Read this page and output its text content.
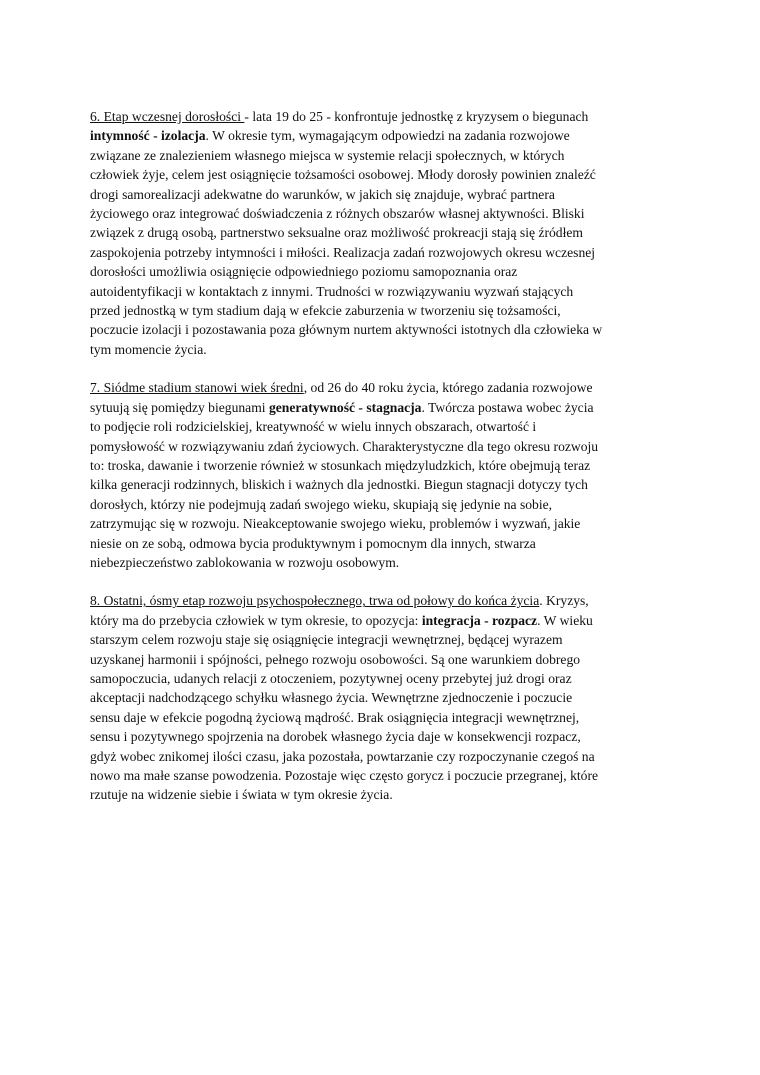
6. Etap wczesnej dorosłości - lata 19 do 25 - konfrontuje jednostkę z kryzysem o biegunach
intymność - izolacja. W okresie tym, wymagającym odpowiedzi na zadania rozwojowe
związane ze znalezieniem własnego miejsca w systemie relacji społecznych, w których
człowiek żyje, celem jest osiągnięcie tożsamości osobowej. Młody dorosły powinien znaleźć
drogi samorealizacji adekwatne do warunków, w jakich się znajduje, wybrać partnera
życiowego oraz integrować doświadczenia z różnych obszarów własnej aktywności. Bliski
związek z drugą osobą, partnerstwo seksualne oraz możliwość prokreacji stają się źródłem
zaspokojenia potrzeby intymności i miłości. Realizacja zadań rozwojowych okresu wczesnej
dorosłości umożliwia osiągnięcie odpowiedniego poziomu samopoznania oraz
autoidentyfikacji w kontaktach z innymi. Trudności w rozwiązywaniu wyzwań stających
przed jednostką w tym stadium dają w efekcie zaburzenia w tworzeniu się tożsamości,
poczucie izolacji i pozostawania poza głównym nurtem aktywności istotnych dla człowieka w
tym momencie życia.

7. Siódme stadium stanowi wiek średni, od 26 do 40 roku życia, którego zadania rozwojowe
sytuują się pomiędzy biegunami generatywność - stagnacja. Twórcza postawa wobec życia
to podjęcie roli rodzicielskiej, kreatywność w wielu innych obszarach, otwartość i
pomysłowość w rozwiązywaniu zdań życiowych. Charakterystyczne dla tego okresu rozwoju
to: troska, dawanie i tworzenie również w stosunkach międzyludzkich, które obejmują teraz
kilka generacji rodzinnych, bliskich i ważnych dla jednostki. Biegun stagnacji dotyczy tych
dorosłych, którzy nie podejmują zadań swojego wieku, skupiają się jedynie na sobie,
zatrzymując się w rozwoju. Nieakceptowanie swojego wieku, problemów i wyzwań, jakie
niesie on ze sobą, odmowa bycia produktywnym i pomocnym dla innych, stwarza
niebezpieczeństwo zablokowania w rozwoju osobowym.

8. Ostatni, ósmy etap rozwoju psychospołecznego, trwa od połowy do końca życia. Kryzys,
który ma do przebycia człowiek w tym okresie, to opozycja: integracja - rozpacz. W wieku
starszym celem rozwoju staje się osiągnięcie integracji wewnętrznej, będącej wyrazem
uzyskanej harmonii i spójności, pełnego rozwoju osobowości. Są one warunkiem dobrego
samopoczucia, udanych relacji z otoczeniem, pozytywnej oceny przebytej już drogi oraz
akceptacji nadchodzącego schyłku własnego życia. Wewnętrzne zjednoczenie i poczucie
sensu daje w efekcie pogodną życiową mądrość. Brak osiągnięcia integracji wewnętrznej,
sensu i pozytywnego spojrzenia na dorobek własnego życia daje w konsekwencji rozpacz,
gdyż wobec znikomej ilości czasu, jaka pozostała, powtarzanie czy rozpoczynanie czegoś na
nowo ma małe szanse powodzenia. Pozostaje więc często gorycz i poczucie przegranej, które
rzutuje na widzenie siebie i świata w tym okresie życia.
